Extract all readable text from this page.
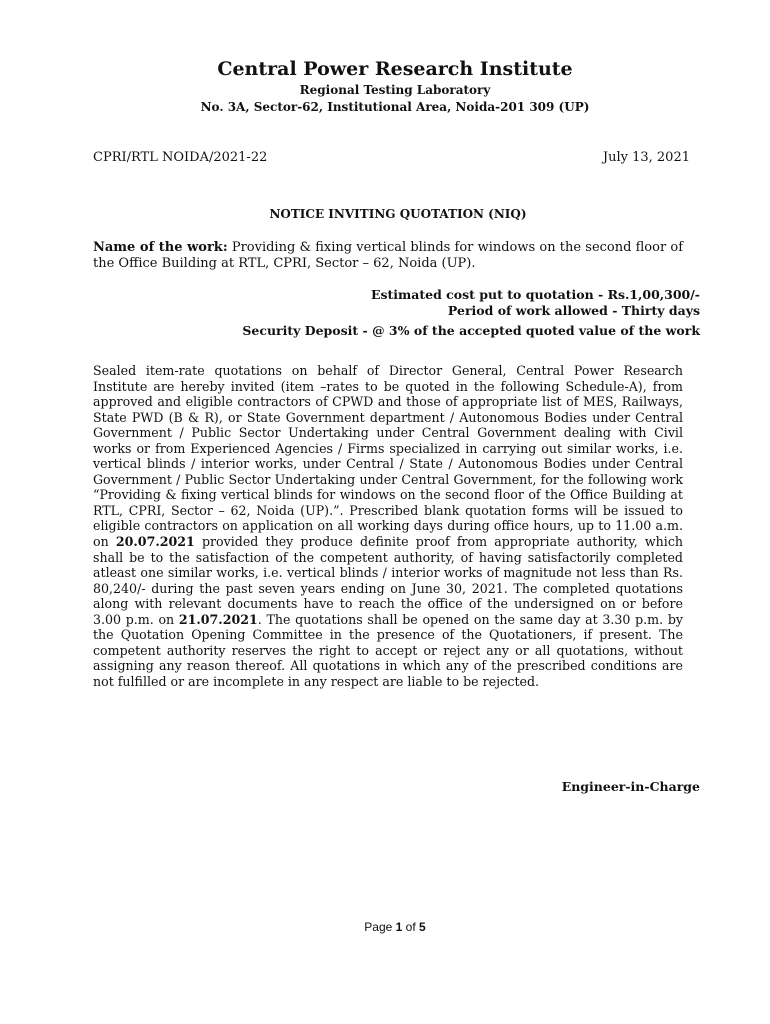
Central Power Research Institute
Regional Testing Laboratory
No. 3A, Sector-62, Institutional Area, Noida-201 309 (UP)
CPRI/RTL NOIDA/2021-22	July 13, 2021
NOTICE INVITING QUOTATION (NIQ)
Name of the work: Providing & fixing vertical blinds for windows on the second floor of the Office Building at RTL, CPRI, Sector – 62, Noida (UP).
Estimated cost put to quotation - Rs.1,00,300/-
Period of work allowed - Thirty days
Security Deposit - @ 3% of the accepted quoted value of the work
Sealed item-rate quotations on behalf of Director General, Central Power Research Institute are hereby invited (item –rates to be quoted in the following Schedule-A), from approved and eligible contractors of CPWD and those of appropriate list of MES, Railways, State PWD (B & R), or State Government department / Autonomous Bodies under Central Government / Public Sector Undertaking under Central Government dealing with Civil works or from Experienced Agencies / Firms specialized in carrying out similar works, i.e. vertical blinds / interior works, under Central / State / Autonomous Bodies under Central Government / Public Sector Undertaking under Central Government, for the following work “Providing & fixing vertical blinds for windows on the second floor of the Office Building at RTL, CPRI, Sector – 62, Noida (UP).”. Prescribed blank quotation forms will be issued to eligible contractors on application on all working days during office hours, up to 11.00 a.m. on 20.07.2021 provided they produce definite proof from appropriate authority, which shall be to the satisfaction of the competent authority, of having satisfactorily completed atleast one similar works, i.e. vertical blinds / interior works of magnitude not less than Rs. 80,240/- during the past seven years ending on June 30, 2021. The completed quotations along with relevant documents have to reach the office of the undersigned on or before 3.00 p.m. on 21.07.2021. The quotations shall be opened on the same day at 3.30 p.m. by the Quotation Opening Committee in the presence of the Quotationers, if present. The competent authority reserves the right to accept or reject any or all quotations, without assigning any reason thereof. All quotations in which any of the prescribed conditions are not fulfilled or are incomplete in any respect are liable to be rejected.
Engineer-in-Charge
Page 1 of 5
